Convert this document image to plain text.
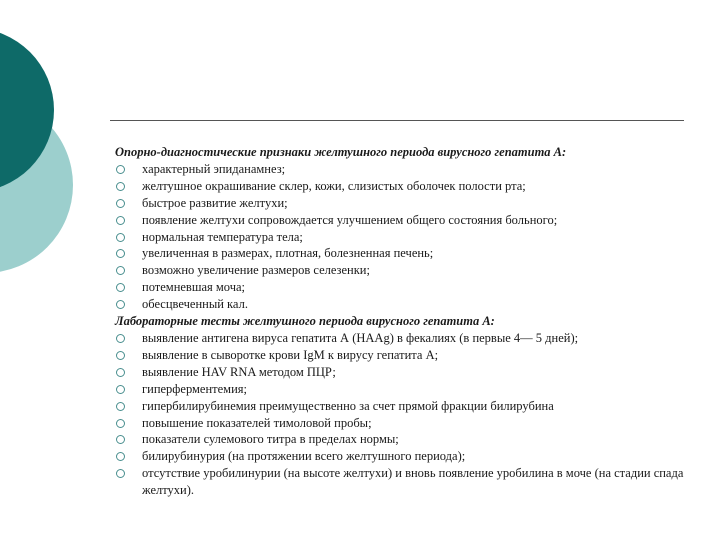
Опорно-диагностические признаки желтушного периода вирусного гепатита А:
характерный эпиданамнез;
желтушное окрашивание склер, кожи, слизистых оболочек полости рта;
быстрое развитие желтухи;
появление желтухи сопровождается улучшением общего состояния больного;
нормальная температура тела;
увеличенная в размерах, плотная, болезненная печень;
возможно увеличение размеров селезенки;
потемневшая моча;
обесцвеченный кал.
Лабораторные тесты желтушного периода вирусного гепатита А:
выявление антигена вируса гепатита А (HAAg) в фекалиях (в первые 4— 5 дней);
выявление в сыворотке крови IgM к вирусу гепатита А;
выявление HAV RNA методом ПЦР;
гиперферментемия;
гипербилирубинемия преимущественно за счет прямой фракции билирубина
повышение показателей тимоловой пробы;
показатели сулемового титра в пределах нормы;
билирубинурия (на протяжении всего желтушного периода);
отсутствие уробилинурии (на высоте желтухи) и вновь появление уробилина в моче (на стадии спада желтухи).
